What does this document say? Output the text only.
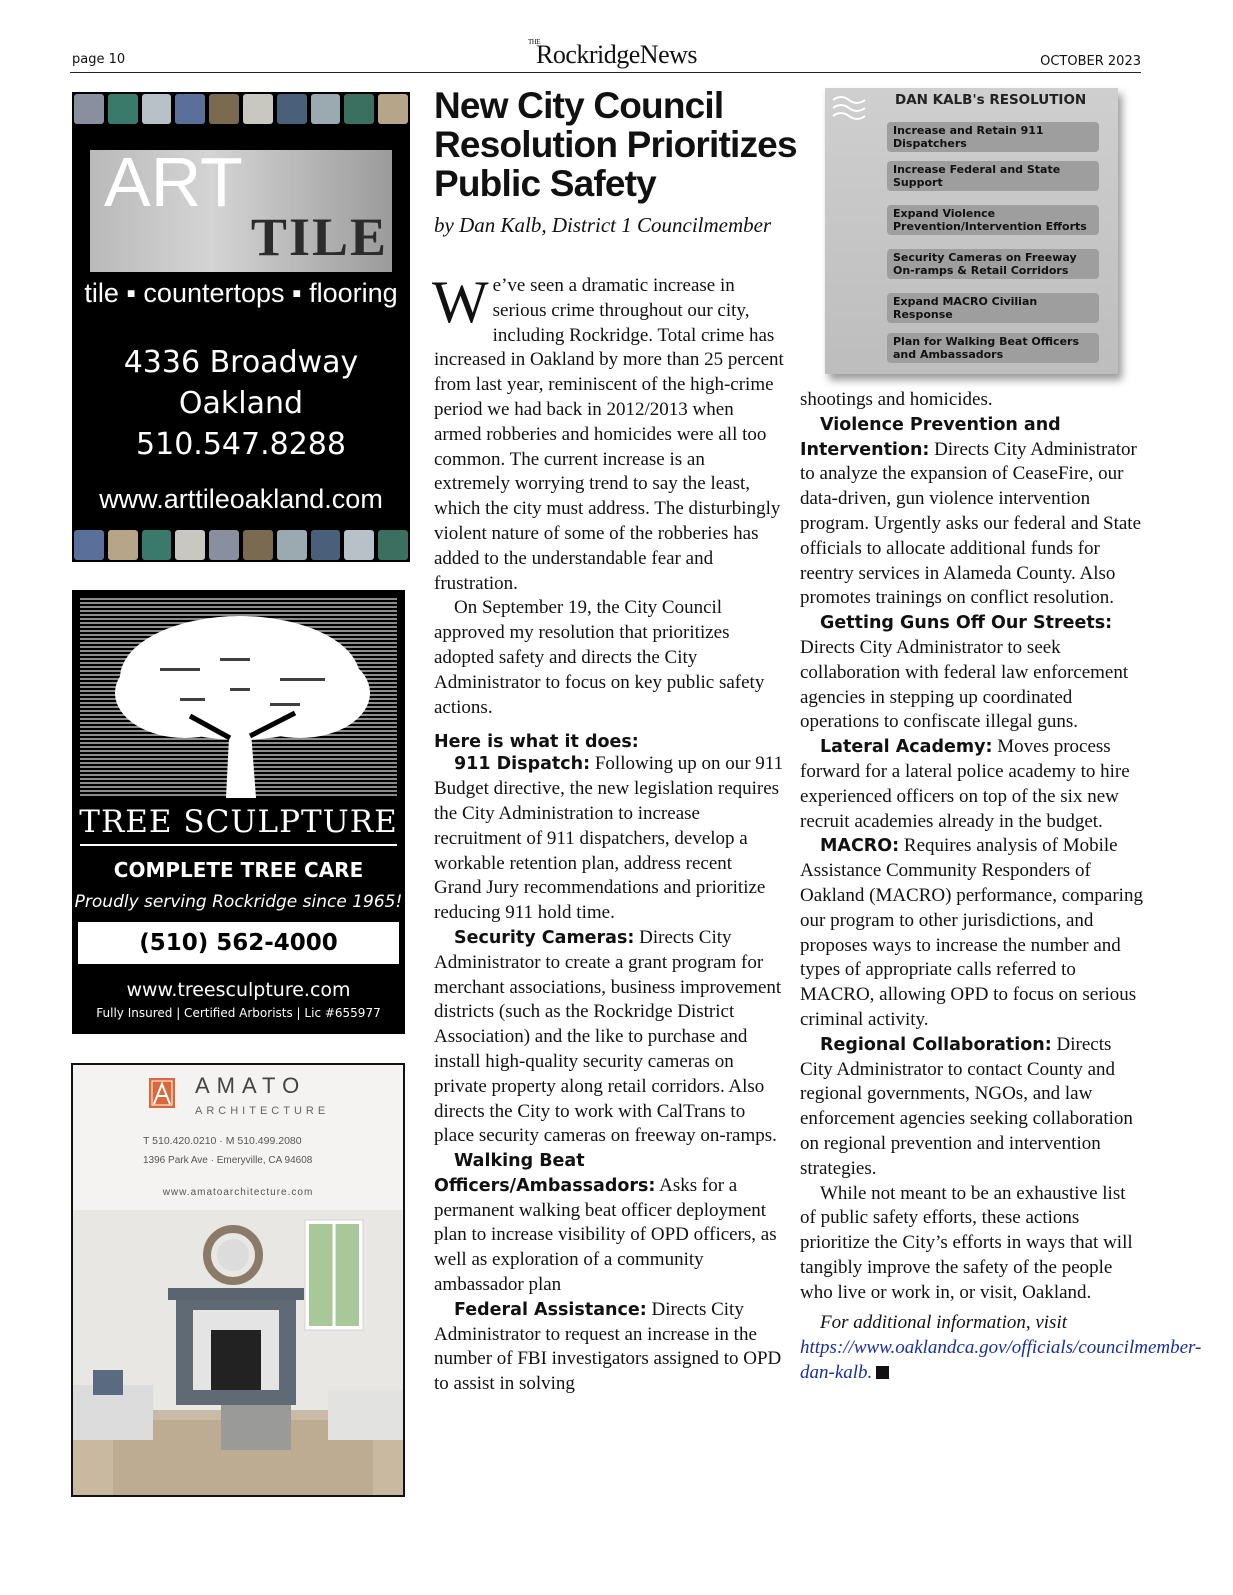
page 10
THE
RockridgeNews	OCTOBER 2023
ART
TILE
tile ▪ countertops ▪ flooring
4336 Broadway
Oakland
510.547.8288
www.arttileoakland.com
TREE SCULPTURE
COMPLETE TREE CARE
Proudly serving Rockridge since 1965!
(510) 562-4000
www.treesculpture.com
Fully Insured | Certified Arborists | Lic #655977
AMATO
ARCHITECTURE
T 510.420.0210 · M 510.499.2080
1396 Park Ave · Emeryville, CA 94608
www.amatoarchitecture.com
New City Council Resolution Prioritizes Public Safety
by Dan Kalb, District 1 Councilmember

We’ve seen a dramatic increase in serious crime throughout our city, including Rockridge. Total crime has increased in Oakland by more than 25 percent from last year, reminiscent of the high-crime period we had back in 2012/2013 when armed robberies and homicides were all too common. The current increase is an extremely worrying trend to say the least, which the city must address. The disturbingly violent nature of some of the robberies has added to the understandable fear and frustration.

On September 19, the City Council approved my resolution that prioritizes adopted safety and directs the City Administrator to focus on key public safety actions.

Here is what it does:

911 Dispatch: Following up on our 911 Budget directive, the new legislation requires the City Administration to increase recruitment of 911 dispatchers, develop a workable retention plan, address recent Grand Jury recommendations and prioritize reducing 911 hold time.

Security Cameras: Directs City Administrator to create a grant program for merchant associations, business improvement districts (such as the Rockridge District Association) and the like to purchase and install high-quality security cameras on private property along retail corridors. Also directs the City to work with CalTrans to place security cameras on freeway on-ramps.

Walking Beat Officers/Ambassadors: Asks for a permanent walking beat officer deployment plan to increase visibility of OPD officers, as well as exploration of a community ambassador plan

Federal Assistance: Directs City Administrator to request an increase in the number of FBI investigators assigned to OPD to assist in solving

DAN KALB's RESOLUTION
Increase and Retain 911 Dispatchers
Increase Federal and State Support
Expand Violence Prevention/Intervention Efforts
Security Cameras on Freeway On-ramps & Retail Corridors
Expand MACRO Civilian Response
Plan for Walking Beat Officers and Ambassadors

shootings and homicides.

Violence Prevention and Intervention: Directs City Administrator to analyze the expansion of CeaseFire, our data-driven, gun violence intervention program. Urgently asks our federal and State officials to allocate additional funds for reentry services in Alameda County. Also promotes trainings on conflict resolution.

Getting Guns Off Our Streets: Directs City Administrator to seek collaboration with federal law enforcement agencies in stepping up coordinated operations to confiscate illegal guns.

Lateral Academy: Moves process forward for a lateral police academy to hire experienced officers on top of the six new recruit academies already in the budget.

MACRO: Requires analysis of Mobile Assistance Community Responders of Oakland (MACRO) performance, comparing our program to other jurisdictions, and proposes ways to increase the number and types of appropriate calls referred to MACRO, allowing OPD to focus on serious criminal activity.

Regional Collaboration: Directs City Administrator to contact County and regional governments, NGOs, and law enforcement agencies seeking collaboration on regional prevention and intervention strategies.

While not meant to be an exhaustive list of public safety efforts, these actions prioritize the City’s efforts in ways that will tangibly improve the safety of the people who live or work in, or visit, Oakland.

For additional information, visit https://www.oaklandca.gov/officials/councilmember-dan-kalb.
